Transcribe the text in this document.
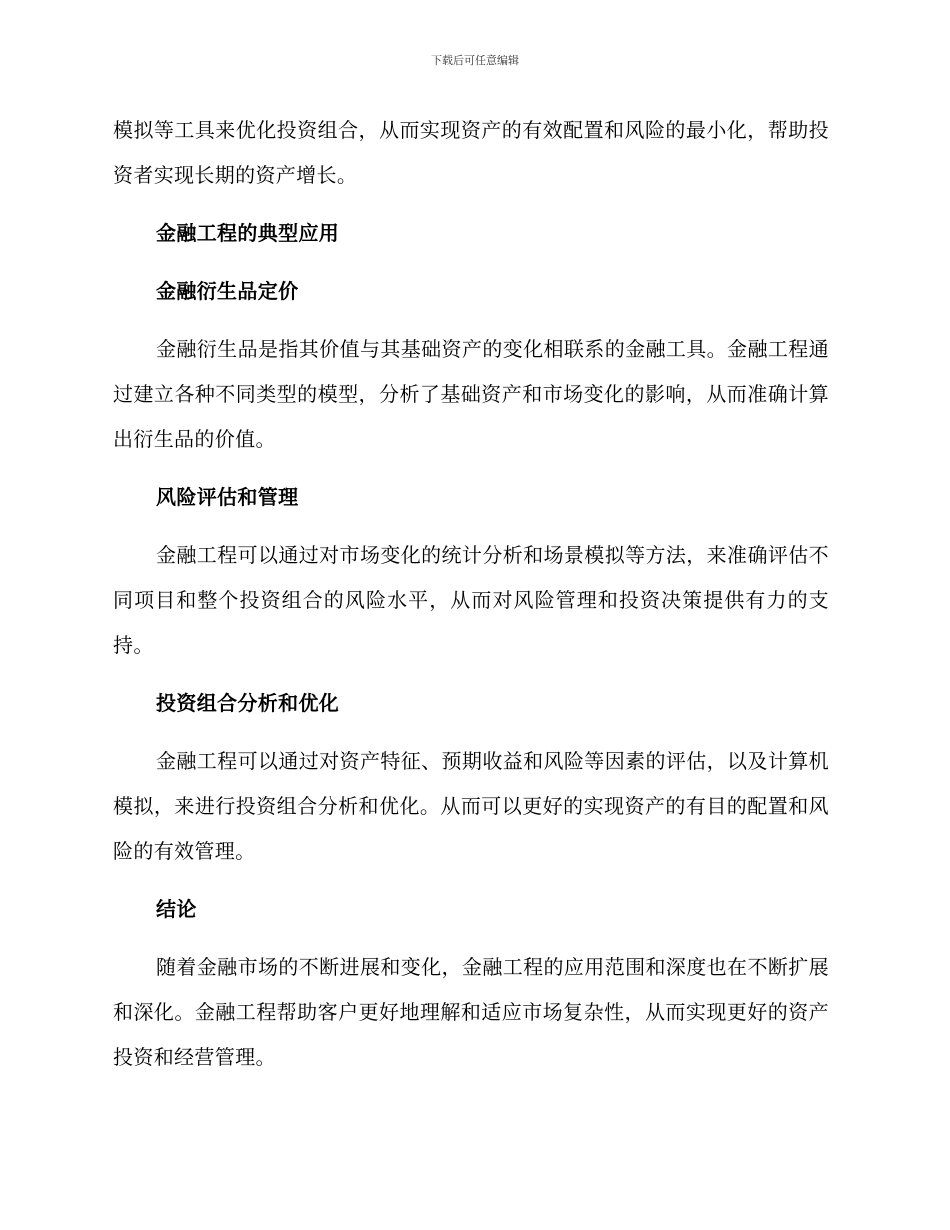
下载后可任意编辑

模拟等工具来优化投资组合，从而实现资产的有效配置和风险的最小化，帮助投资者实现长期的资产增长。

金融工程的典型应用
金融衍生品定价

金融衍生品是指其价值与其基础资产的变化相联系的金融工具。金融工程通过建立各种不同类型的模型，分析了基础资产和市场变化的影响，从而准确计算出衍生品的价值。

风险评估和管理

金融工程可以通过对市场变化的统计分析和场景模拟等方法，来准确评估不同项目和整个投资组合的风险水平，从而对风险管理和投资决策提供有力的支持。

投资组合分析和优化

金融工程可以通过对资产特征、预期收益和风险等因素的评估，以及计算机模拟，来进行投资组合分析和优化。从而可以更好的实现资产的有目的配置和风险的有效管理。

结论

随着金融市场的不断进展和变化，金融工程的应用范围和深度也在不断扩展和深化。金融工程帮助客户更好地理解和适应市场复杂性，从而实现更好的资产投资和经营管理。
